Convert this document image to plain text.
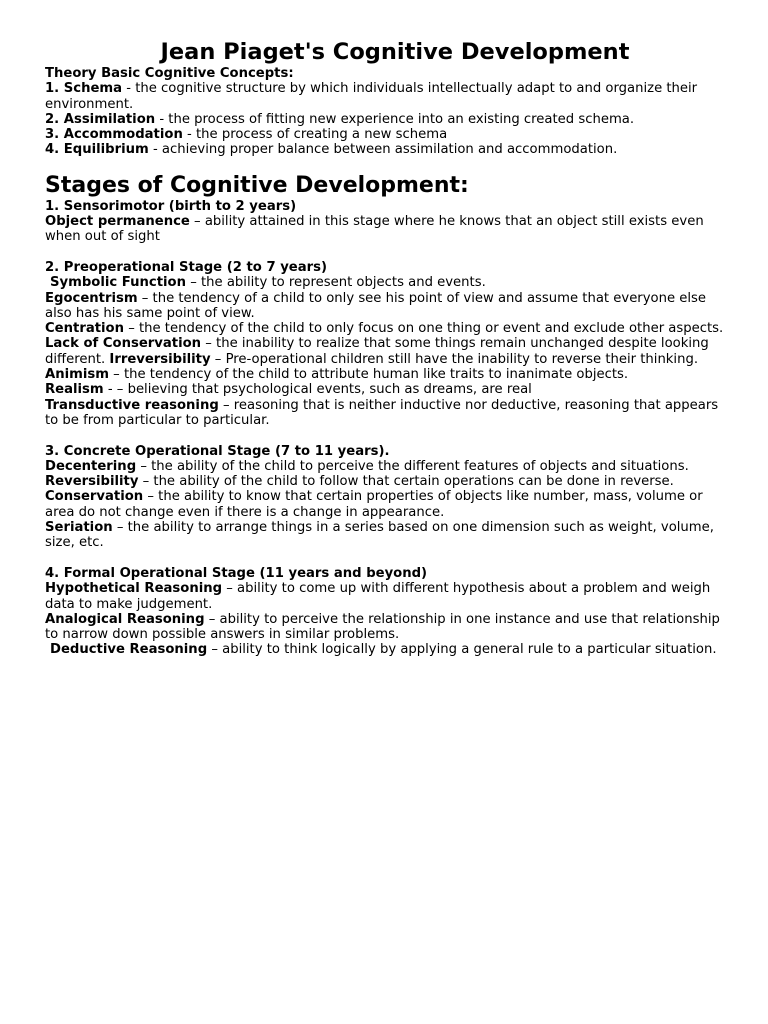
Jean Piaget's Cognitive Development

Theory Basic Cognitive Concepts:

1. Schema - the cognitive structure by which individuals intellectually adapt to and organize their environment.

2. Assimilation - the process of fitting new experience into an existing created schema.

3. Accommodation - the process of creating a new schema

4. Equilibrium - achieving proper balance between assimilation and accommodation.

Stages of Cognitive Development:

1. Sensorimotor (birth to 2 years)

Object permanence – ability attained in this stage where he knows that an object still exists even when out of sight

2. Preoperational Stage (2 to 7 years)

Symbolic Function – the ability to represent objects and events.

Egocentrism – the tendency of a child to only see his point of view and assume that everyone else also has his same point of view.

Centration – the tendency of the child to only focus on one thing or event and exclude other aspects.

Lack of Conservation – the inability to realize that some things remain unchanged despite looking different. Irreversibility – Pre-operational children still have the inability to reverse their thinking.

Animism – the tendency of the child to attribute human like traits to inanimate objects.

Realism - – believing that psychological events, such as dreams, are real

Transductive reasoning – reasoning that is neither inductive nor deductive, reasoning that appears to be from particular to particular.

3. Concrete Operational Stage (7 to 11 years).

Decentering – the ability of the child to perceive the different features of objects and situations.

Reversibility – the ability of the child to follow that certain operations can be done in reverse.

Conservation – the ability to know that certain properties of objects like number, mass, volume or area do not change even if there is a change in appearance.

Seriation – the ability to arrange things in a series based on one dimension such as weight, volume, size, etc.

4. Formal Operational Stage (11 years and beyond)

Hypothetical Reasoning – ability to come up with different hypothesis about a problem and weigh data to make judgement.

Analogical Reasoning – ability to perceive the relationship in one instance and use that relationship to narrow down possible answers in similar problems.

Deductive Reasoning – ability to think logically by applying a general rule to a particular situation.
